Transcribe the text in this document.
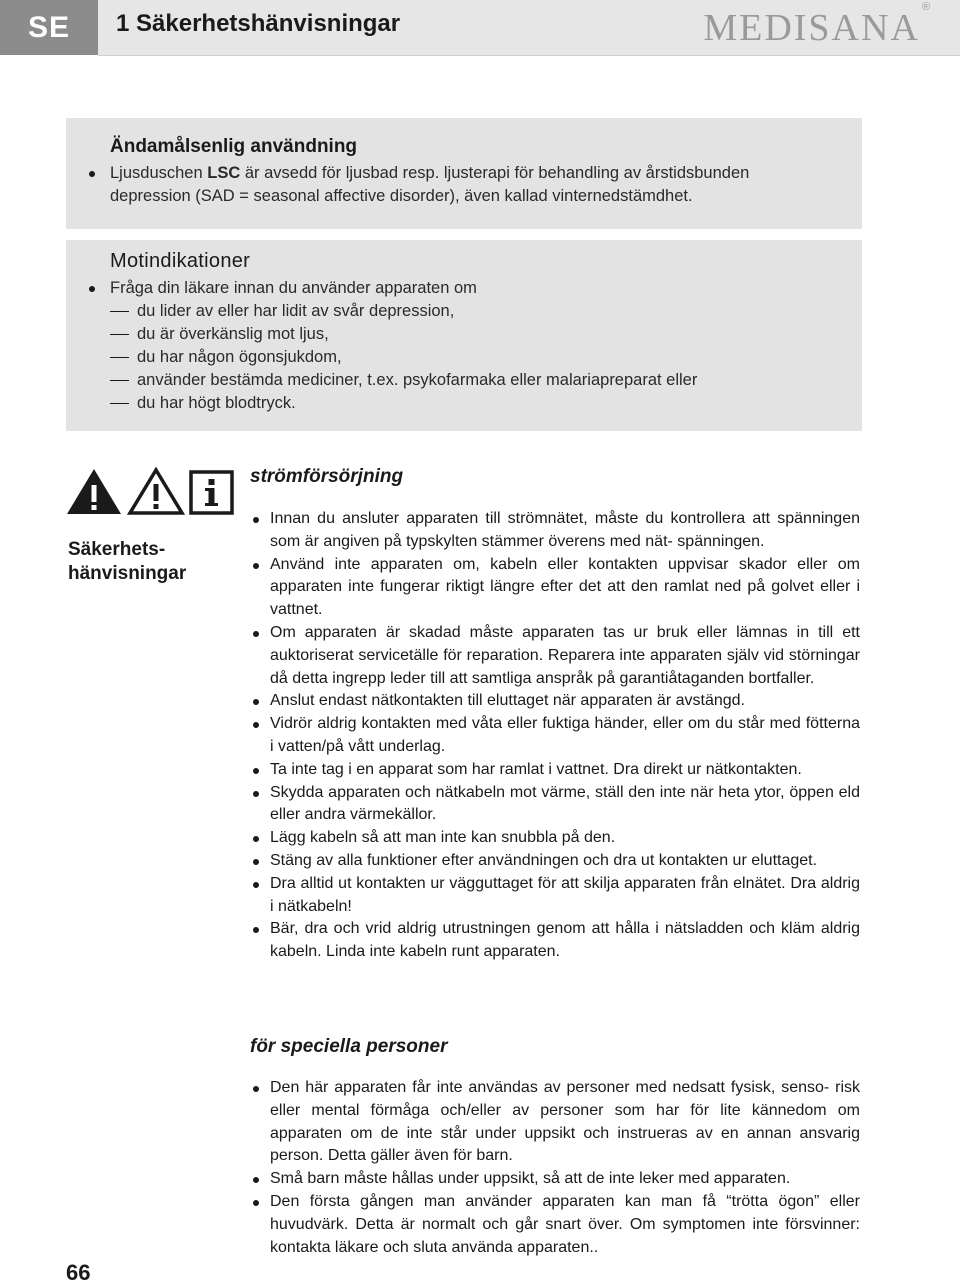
SE 1 Säkerhetshänvisningar	MEDISANA ®
Ändamålsenlig användning

Ljusduschen LSC är avsedd för ljusbad resp. ljusterapi för behandling av årstidsbunden depression (SAD = seasonal affective disorder), även kallad vinternedstämdhet.

Motindikationer

Fråga din läkare innan du använder apparaten om

du lider av eller har lidit av svår depression,
du är överkänslig mot ljus,
du har någon ögonsjukdom,
använder bestämda mediciner, t.ex. psykofarmaka eller malariapreparat eller
du har högt blodtryck.
Säkerhets-
hänvisningar
strömförsörjning
Innan du ansluter apparaten till strömnätet, måste du kontrollera att spänningen som är angiven på typskylten stämmer överens med nät- spänningen.
Använd inte apparaten om, kabeln eller kontakten uppvisar skador eller om apparaten inte fungerar riktigt längre efter det att den ramlat ned på golvet eller i vattnet.
Om apparaten är skadad måste apparaten tas ur bruk eller lämnas in till ett auktoriserat servicetälle för reparation. Reparera inte apparaten själv vid störningar då detta ingrepp leder till att samtliga anspråk på garantiåtaganden bortfaller.
Anslut endast nätkontakten till eluttaget när apparaten är avstängd.
Vidrör aldrig kontakten med våta eller fuktiga händer, eller om du står med fötterna i vatten/på vått underlag.
Ta inte tag i en apparat som har ramlat i vattnet. Dra direkt ur nätkontakten.
Skydda apparaten och nätkabeln mot värme, ställ den inte när heta ytor, öppen eld eller andra värmekällor.
Lägg kabeln så att man inte kan snubbla på den.
Stäng av alla funktioner efter användningen och dra ut kontakten ur eluttaget.
Dra alltid ut kontakten ur vägguttaget för att skilja apparaten från elnätet. Dra aldrig i nätkabeln!
Bär, dra och vrid aldrig utrustningen genom att hålla i nätsladden och kläm aldrig kabeln. Linda inte kabeln runt apparaten.
för speciella personer
Den här apparaten får inte användas av personer med nedsatt fysisk, senso- risk eller mental förmåga och/eller av personer som har för lite kännedom om apparaten om de inte står under uppsikt och instrueras av en annan ansvarig person. Detta gäller även för barn.
Små barn måste hållas under uppsikt, så att de inte leker med apparaten.
Den första gången man använder apparaten kan man få “trötta ögon” eller huvudvärk. Detta är normalt och går snart över. Om symptomen inte försvinner: kontakta läkare och sluta använda apparaten..
66
